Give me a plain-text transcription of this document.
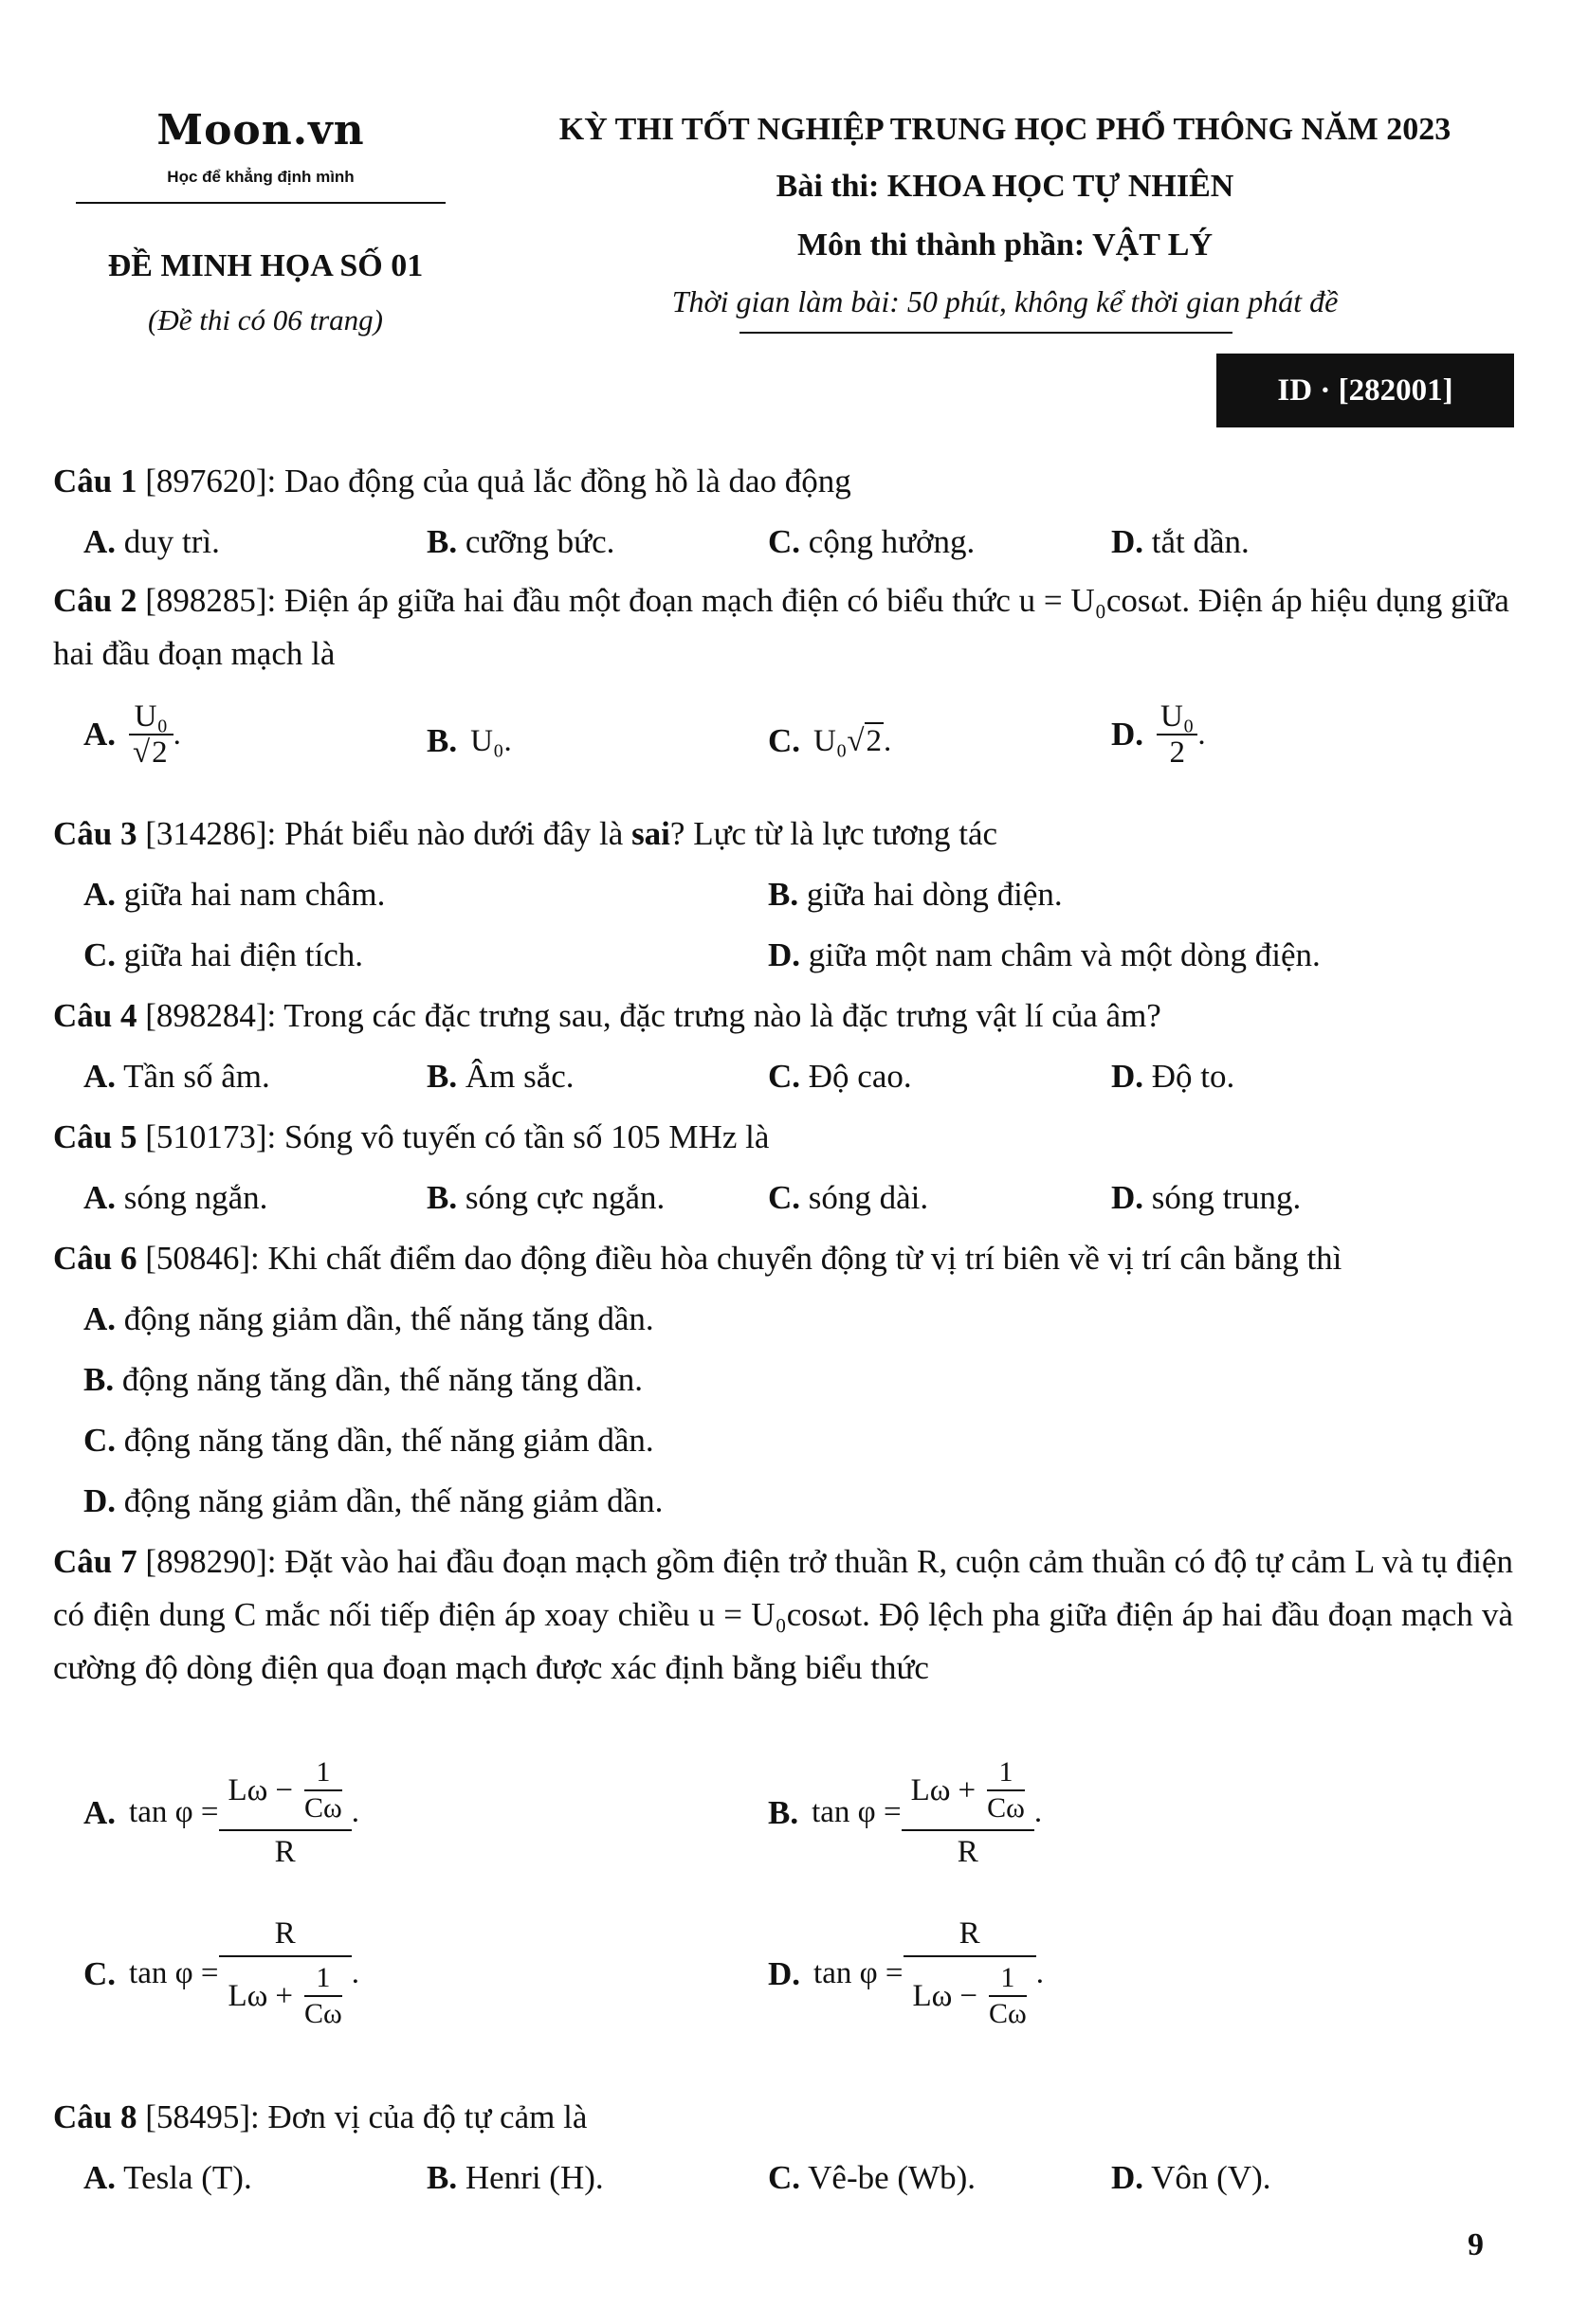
Moon.vn
Học để khẳng định mình
ĐỀ MINH HỌA SỐ 01
(Đề thi có 06 trang)
KỲ THI TỐT NGHIỆP TRUNG HỌC PHỔ THÔNG NĂM 2023
Bài thi: KHOA HỌC TỰ NHIÊN
Môn thi thành phần: VẬT LÝ
Thời gian làm bài: 50 phút, không kể thời gian phát đề
ID · [282001]
Câu 1 [897620]: Dao động của quả lắc đồng hồ là dao động
A. duy trì.	B. cưỡng bức.	C. cộng hưởng.	D. tắt dần.
Câu 2 [898285]: Điện áp giữa hai đầu một đoạn mạch điện có biểu thức u = U₀cosωt. Điện áp hiệu dụng giữa hai đầu đoạn mạch là
A. $\frac{\text{U₀}}{√2}$ .	B. U₀ .	C. U₀ √2 .	D. $\frac{\text{U₀}}{2}$ .
Câu 3 [314286]: Phát biểu nào dưới đây là sai? Lực từ là lực tương tác
A. giữa hai nam châm.	B. giữa hai dòng điện.
C. giữa hai điện tích.	D. giữa một nam châm và một dòng điện.
Câu 4 [898284]: Trong các đặc trưng sau, đặc trưng nào là đặc trưng vật lí của âm?
A. Tần số âm.	B. Âm sắc.	C. Độ cao.	D. Độ to.
Câu 5 [510173]: Sóng vô tuyến có tần số 105 MHz là
A. sóng ngắn.	B. sóng cực ngắn.	C. sóng dài.	D. sóng trung.
Câu 6 [50846]: Khi chất điểm dao động điều hòa chuyển động từ vị trí biên về vị trí cân bằng thì
A. động năng giảm dần, thế năng tăng dần.
B. động năng tăng dần, thế năng tăng dần.
C. động năng tăng dần, thế năng giảm dần.
D. động năng giảm dần, thế năng giảm dần.
Câu 7 [898290]: Đặt vào hai đầu đoạn mạch gồm điện trở thuần R, cuộn cảm thuần có độ tự cảm L và tụ điện có điện dung C mắc nối tiếp điện áp xoay chiều u = U₀cosωt. Độ lệch pha giữa điện áp hai đầu đoạn mạch và cường độ dòng điện qua đoạn mạch được xác định bằng biểu thức
A. $\tan \varphi = \frac{L\omega - \frac{1}{C\omega}}{R}$ .	B. $\tan \varphi = \frac{L\omega + \frac{1}{C\omega}}{R}$ .
C. $\tan \varphi = \frac{R}{L\omega + \frac{1}{C\omega}}$ .	D. $\tan \varphi = \frac{R}{L\omega - \frac{1}{C\omega}}$ .
Câu 8 [58495]: Đơn vị của độ tự cảm là
A. Tesla (T).	B. Henri (H).	C. Vê-be (Wb).	D. Vôn (V).
9
